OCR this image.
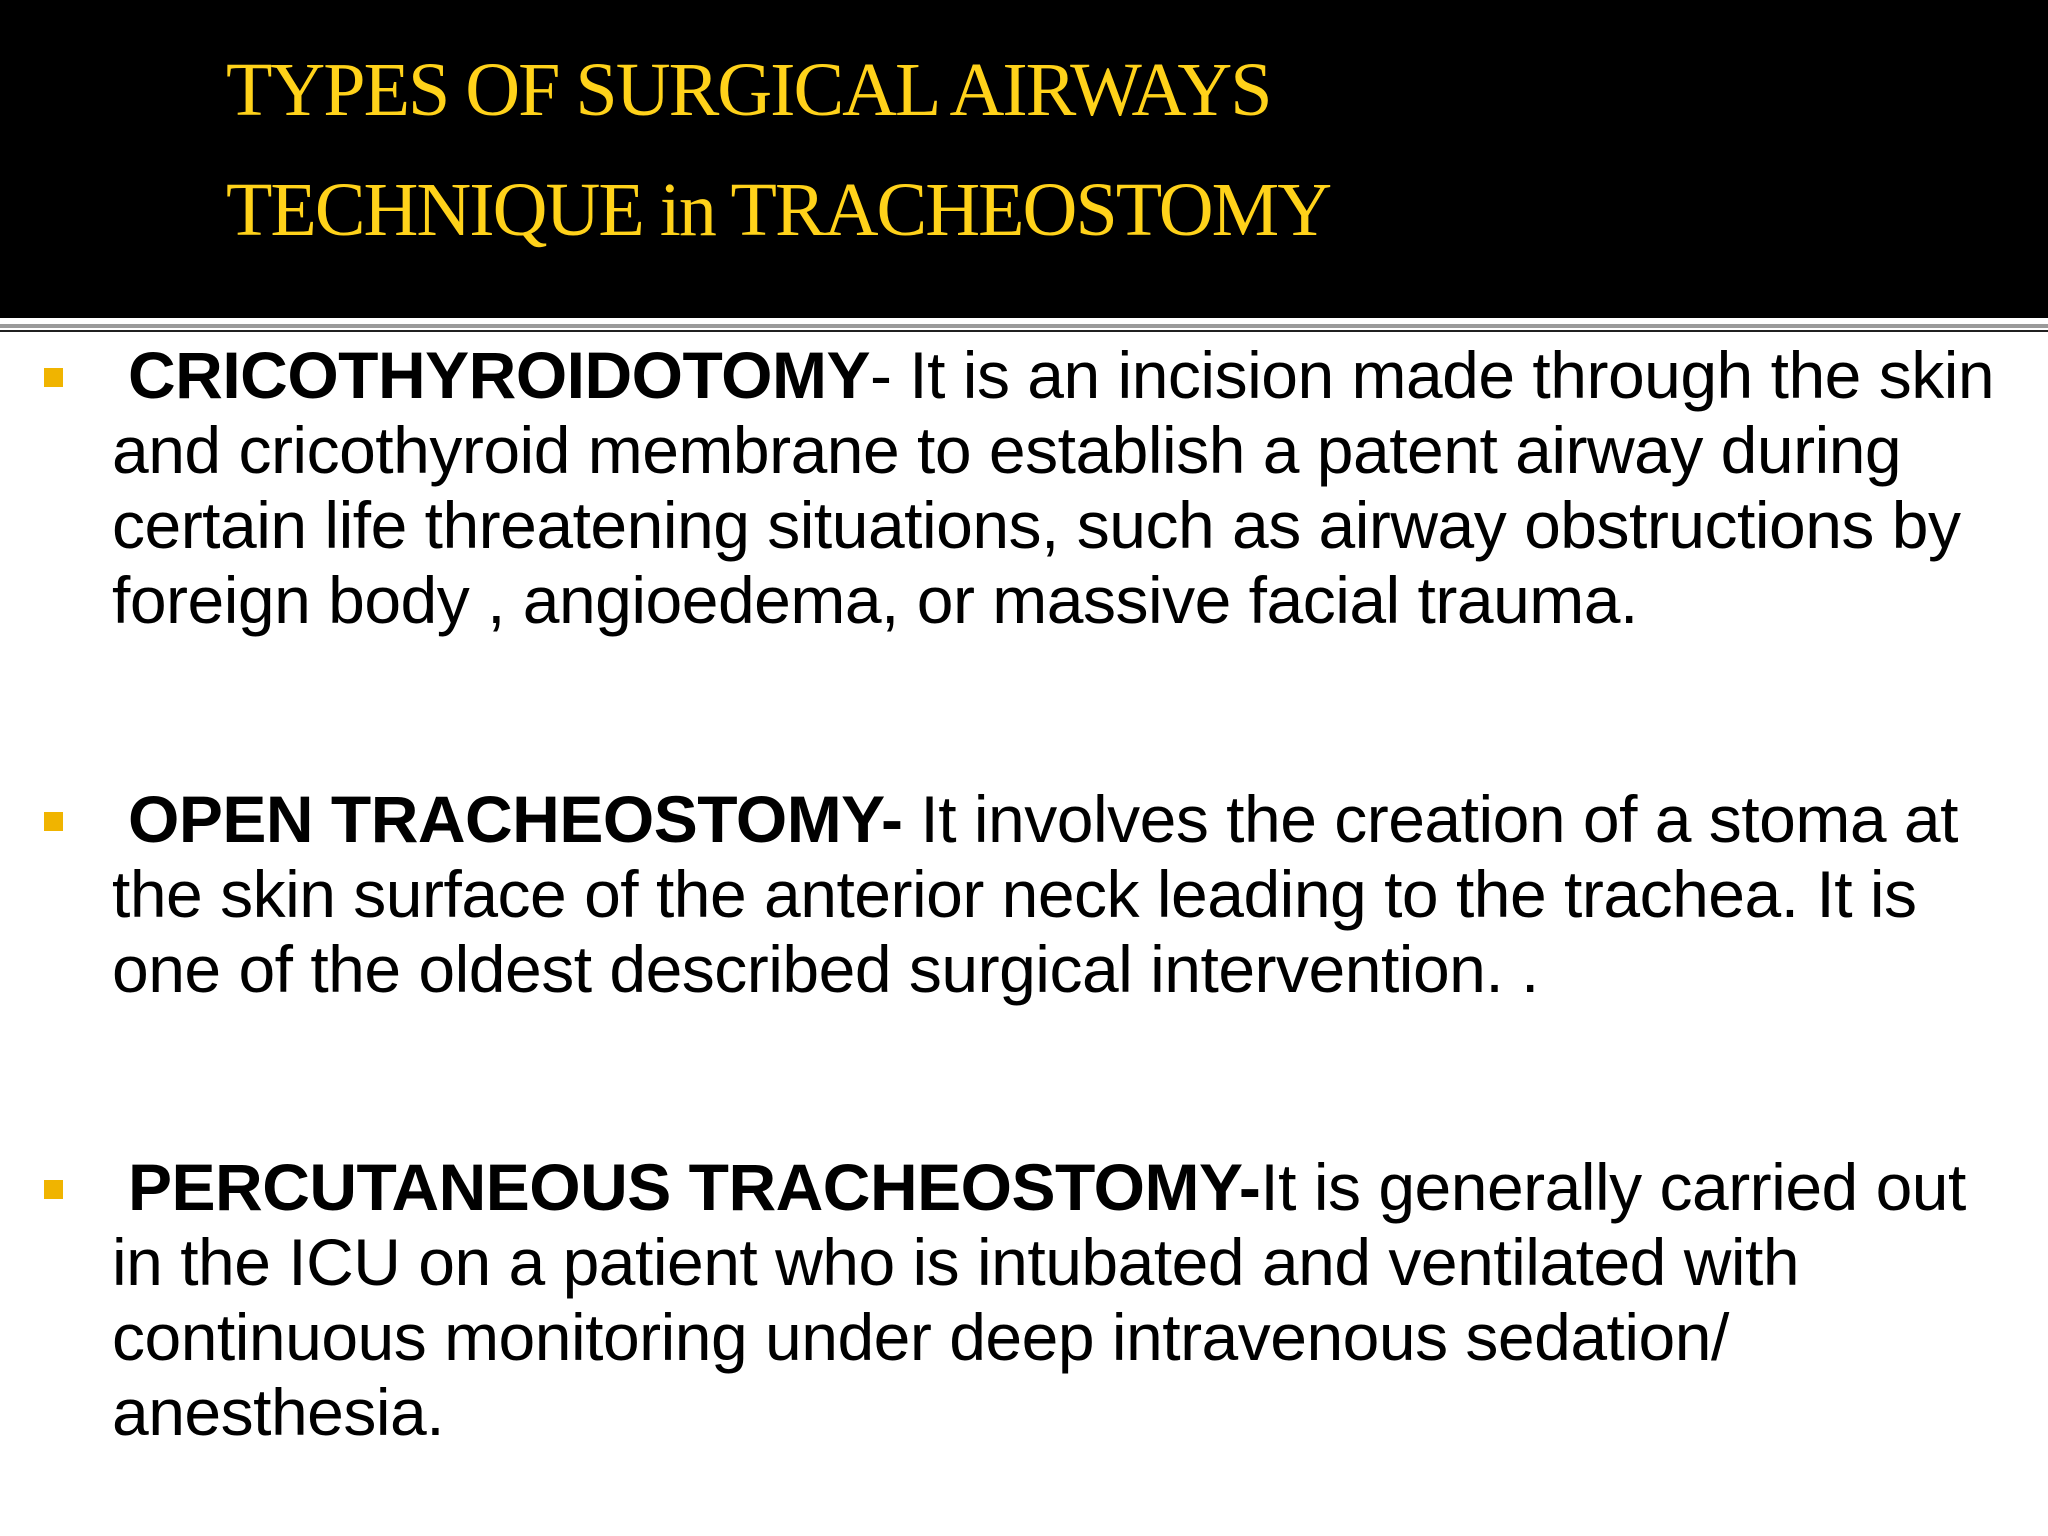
TYPES OF SURGICAL AIRWAYS
TECHNIQUE in TRACHEOSTOMY
CRICOTHYROIDOTOMY- It is an incision made through the skin and cricothyroid membrane to establish a patent airway during certain life threatening situations, such as airway obstructions by foreign body , angioedema, or massive facial trauma.
OPEN TRACHEOSTOMY- It involves the creation of a stoma at the skin surface of the anterior neck leading to the trachea. It is one of the oldest described surgical intervention. .
PERCUTANEOUS TRACHEOSTOMY-It is generally carried out in the ICU on a patient who is intubated and ventilated with continuous monitoring under deep intravenous sedation/ anesthesia.
